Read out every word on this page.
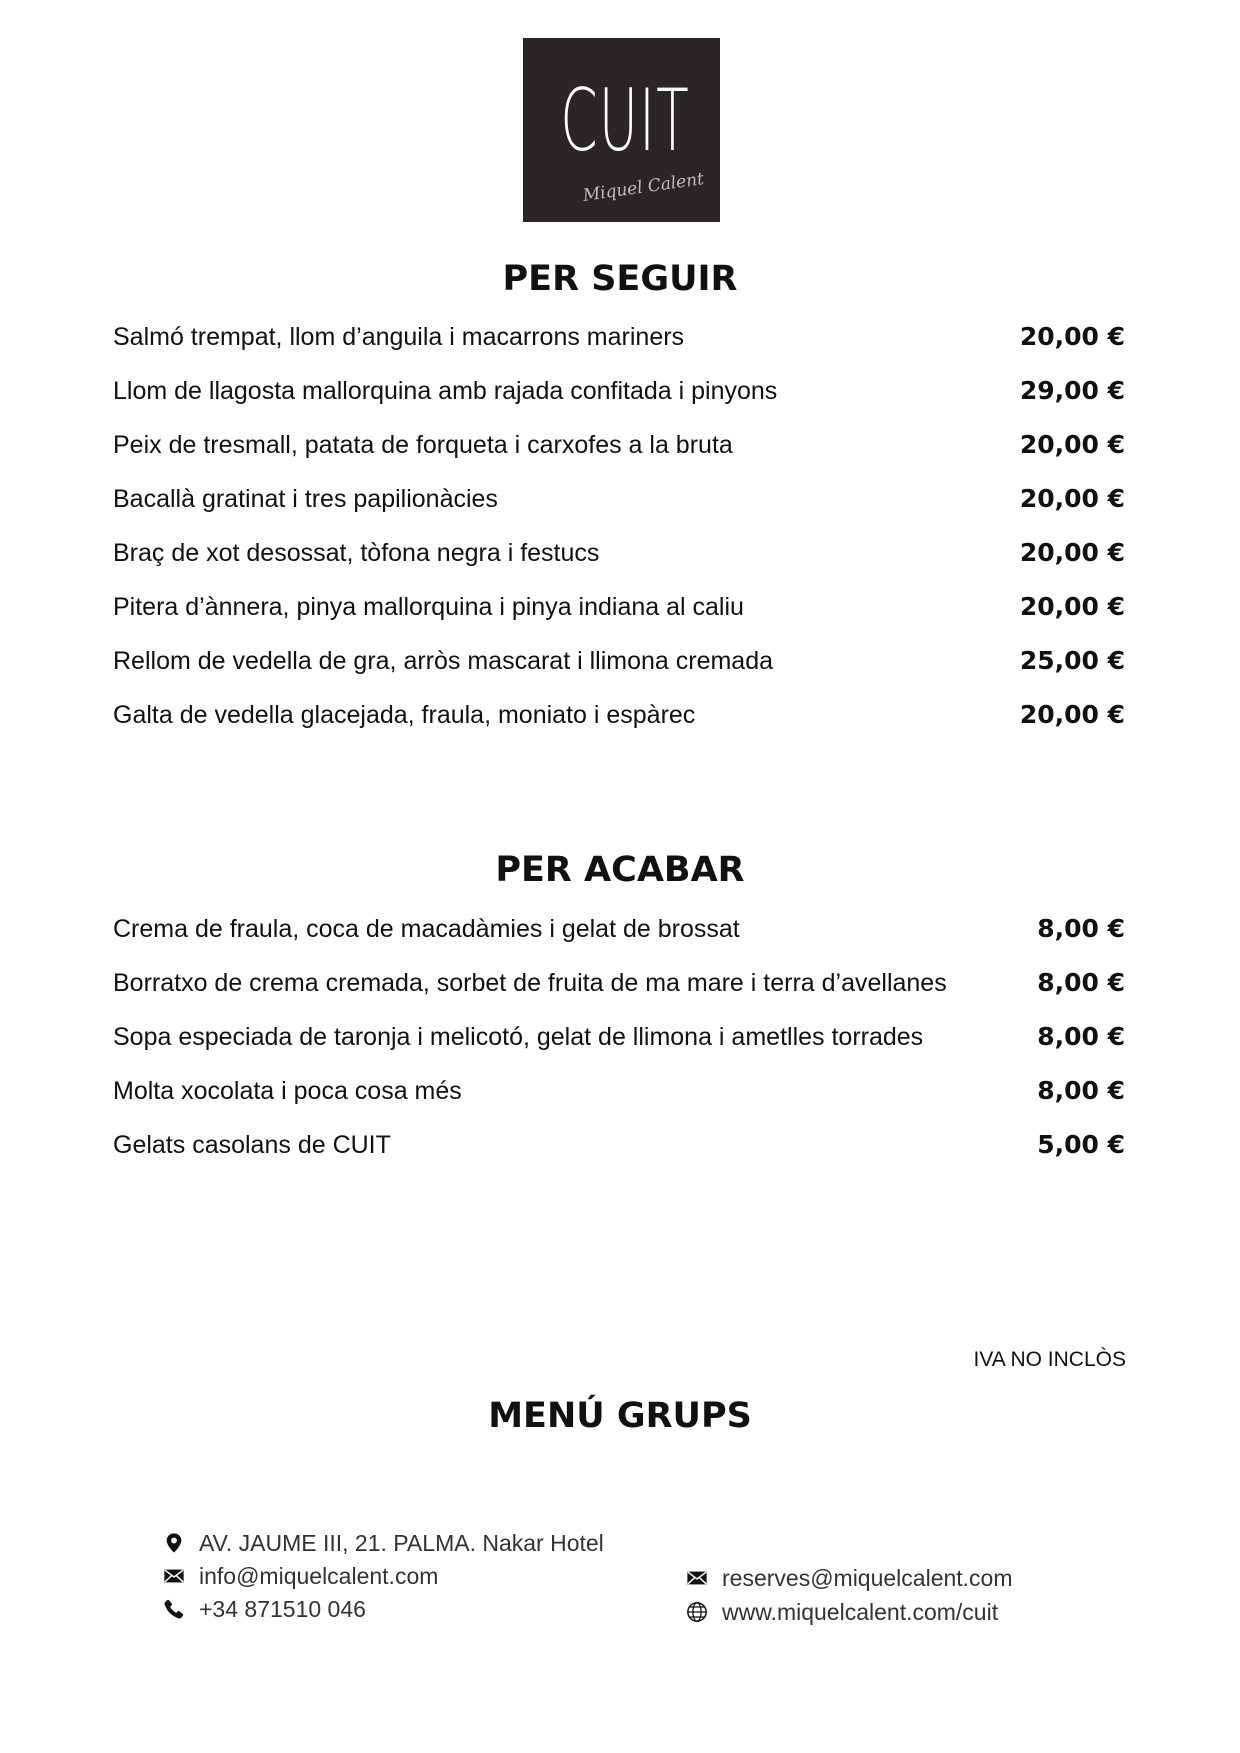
CUIT
Miquel Calent
PER SEGUIR
Salmó trempat, llom d’anguila i macarrons mariners	20,00 €
Llom de llagosta mallorquina amb rajada confitada i pinyons	29,00 €
Peix de tresmall, patata de forqueta i carxofes a la bruta	20,00 €
Bacallà gratinat i tres papilionàcies	20,00 €
Braç de xot desossat, tòfona negra i festucs	20,00 €
Pitera d’ànnera, pinya mallorquina i pinya indiana al caliu	20,00 €
Rellom de vedella de gra, arròs mascarat i llimona cremada	25,00 €
Galta de vedella glacejada, fraula, moniato i espàrec	20,00 €
PER ACABAR
Crema de fraula, coca de macadàmies i gelat de brossat	8,00 €
Borratxo de crema cremada, sorbet de fruita de ma mare i terra d’avellanes	8,00 €
Sopa especiada de taronja i melicotó, gelat de llimona i ametlles torrades	8,00 €
Molta xocolata i poca cosa més	8,00 €
Gelats casolans de CUIT	5,00 €
IVA NO INCLÒS
MENÚ GRUPS
AV. JAUME III, 21. PALMA. Nakar Hotel
info@miquelcalent.com
+34 871510 046
reserves@miquelcalent.com
www.miquelcalent.com/cuit
